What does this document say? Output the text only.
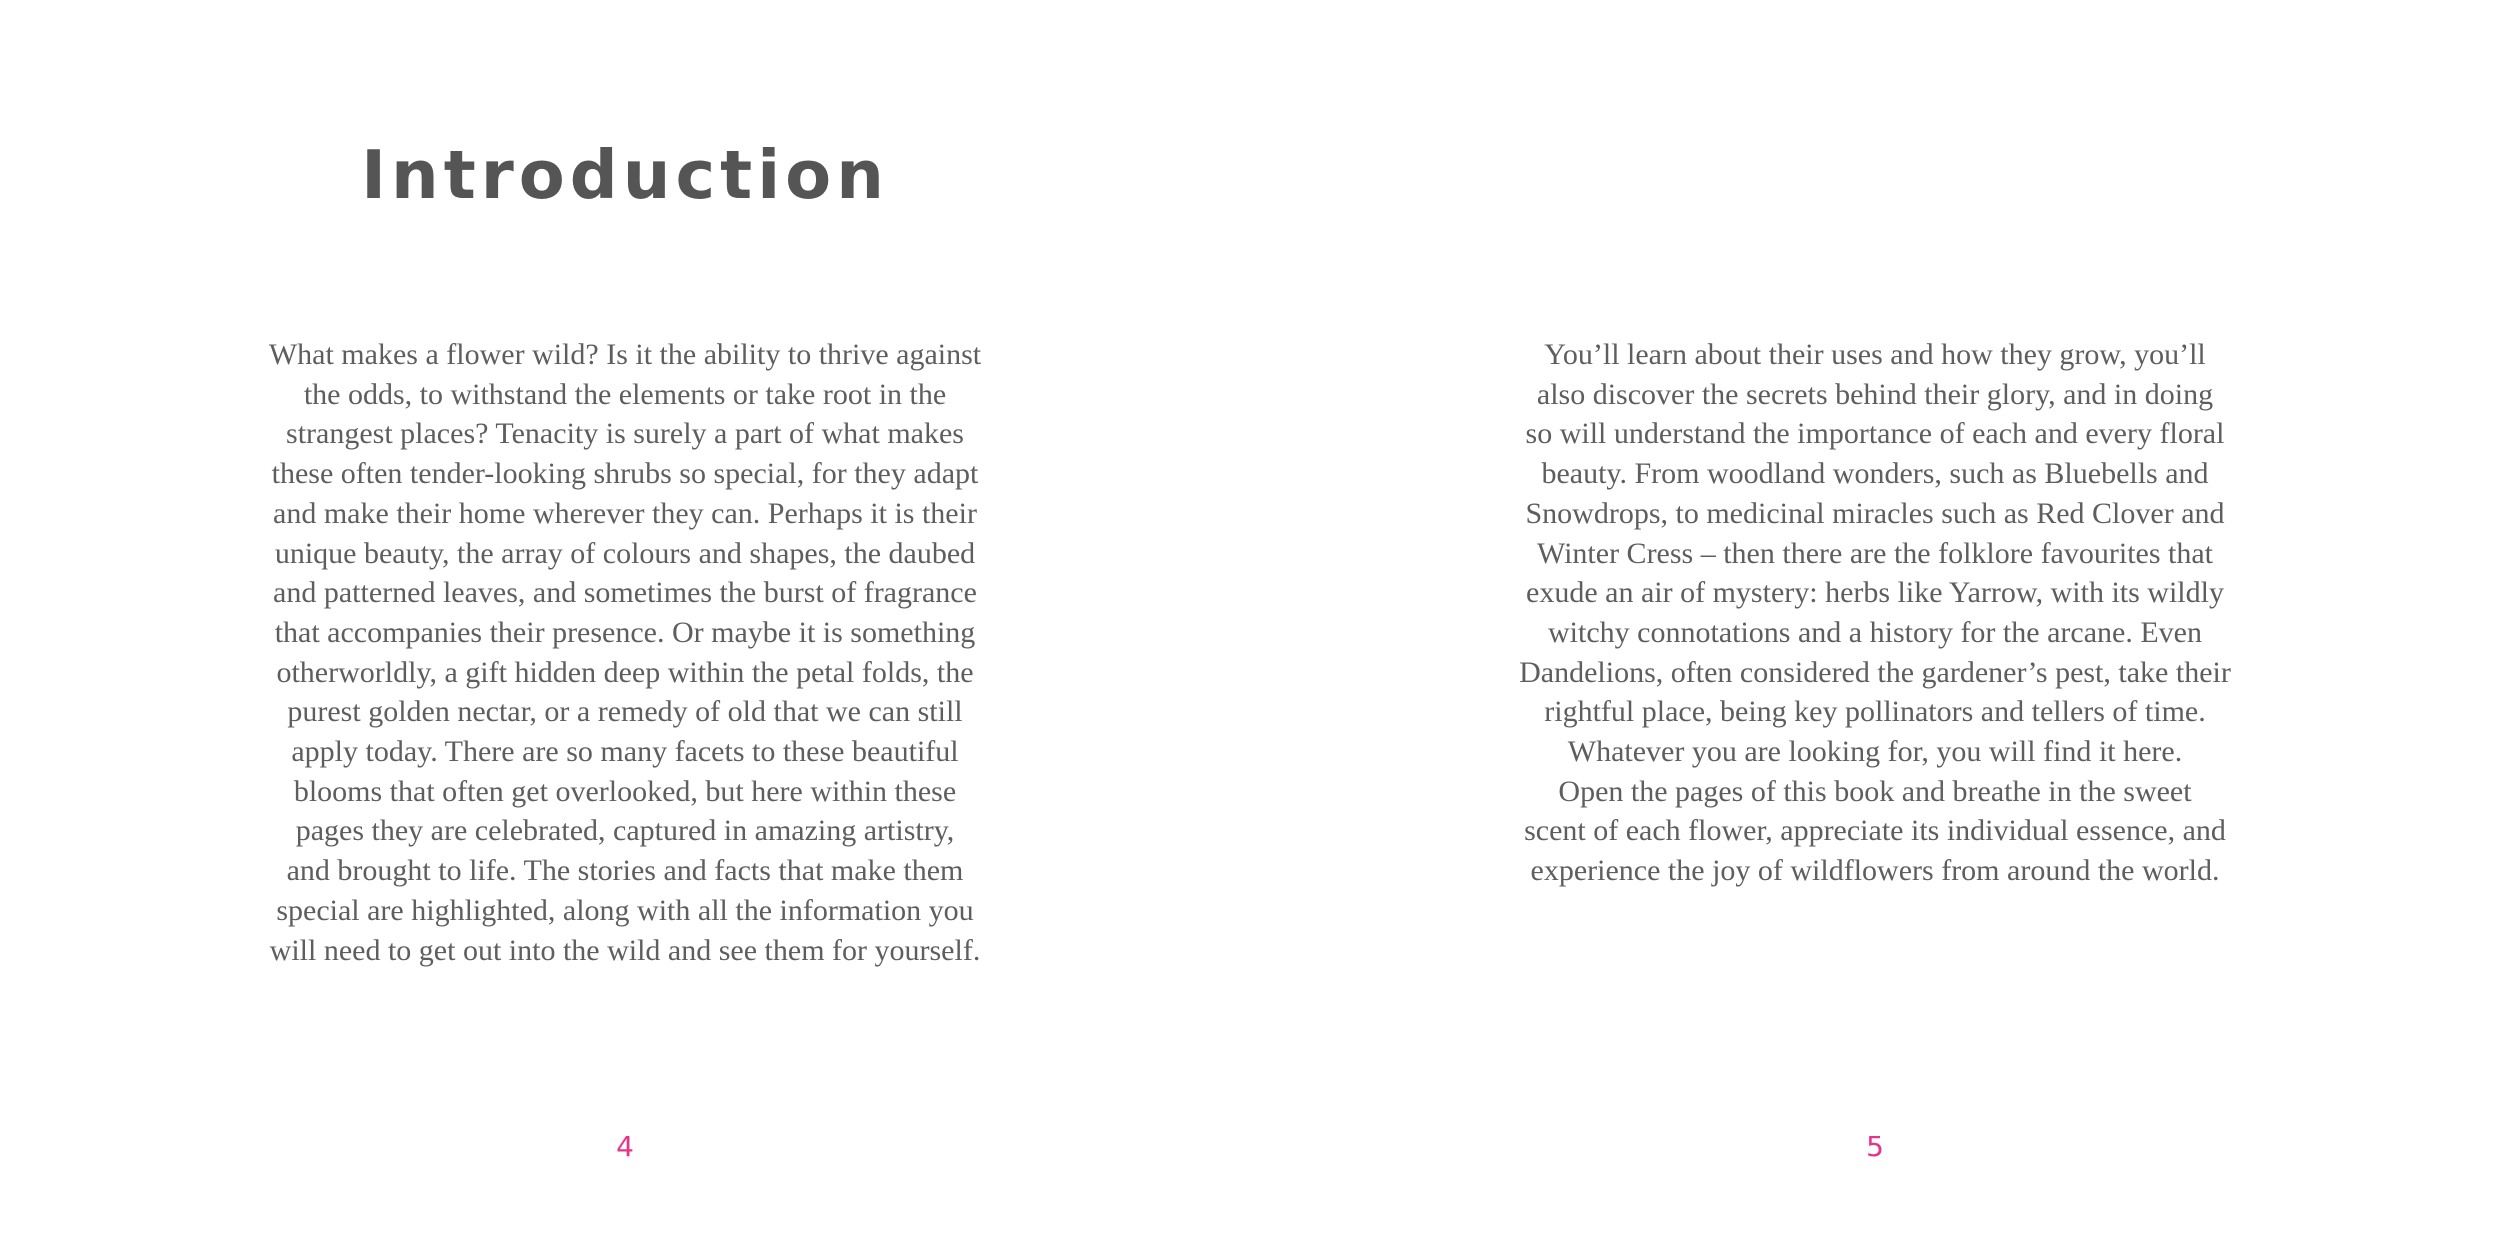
Introduction

What makes a flower wild? Is it the ability to thrive against
the odds, to withstand the elements or take root in the
strangest places? Tenacity is surely a part of what makes
these often tender-looking shrubs so special, for they adapt
and make their home wherever they can. Perhaps it is their
unique beauty, the array of colours and shapes, the daubed
and patterned leaves, and sometimes the burst of fragrance
that accompanies their presence. Or maybe it is something
otherworldly, a gift hidden deep within the petal folds, the
purest golden nectar, or a remedy of old that we can still
apply today. There are so many facets to these beautiful
blooms that often get overlooked, but here within these
pages they are celebrated, captured in amazing artistry,
and brought to life. The stories and facts that make them
special are highlighted, along with all the information you
will need to get out into the wild and see them for yourself.

4

You’ll learn about their uses and how they grow, you’ll
also discover the secrets behind their glory, and in doing
so will understand the importance of each and every floral
beauty. From woodland wonders, such as Bluebells and
Snowdrops, to medicinal miracles such as Red Clover and
Winter Cress – then there are the folklore favourites that
exude an air of mystery: herbs like Yarrow, with its wildly
witchy connotations and a history for the arcane. Even
Dandelions, often considered the gardener’s pest, take their
rightful place, being key pollinators and tellers of time.
Whatever you are looking for, you will find it here.
Open the pages of this book and breathe in the sweet
scent of each flower, appreciate its individual essence, and
experience the joy of wildflowers from around the world.

5
